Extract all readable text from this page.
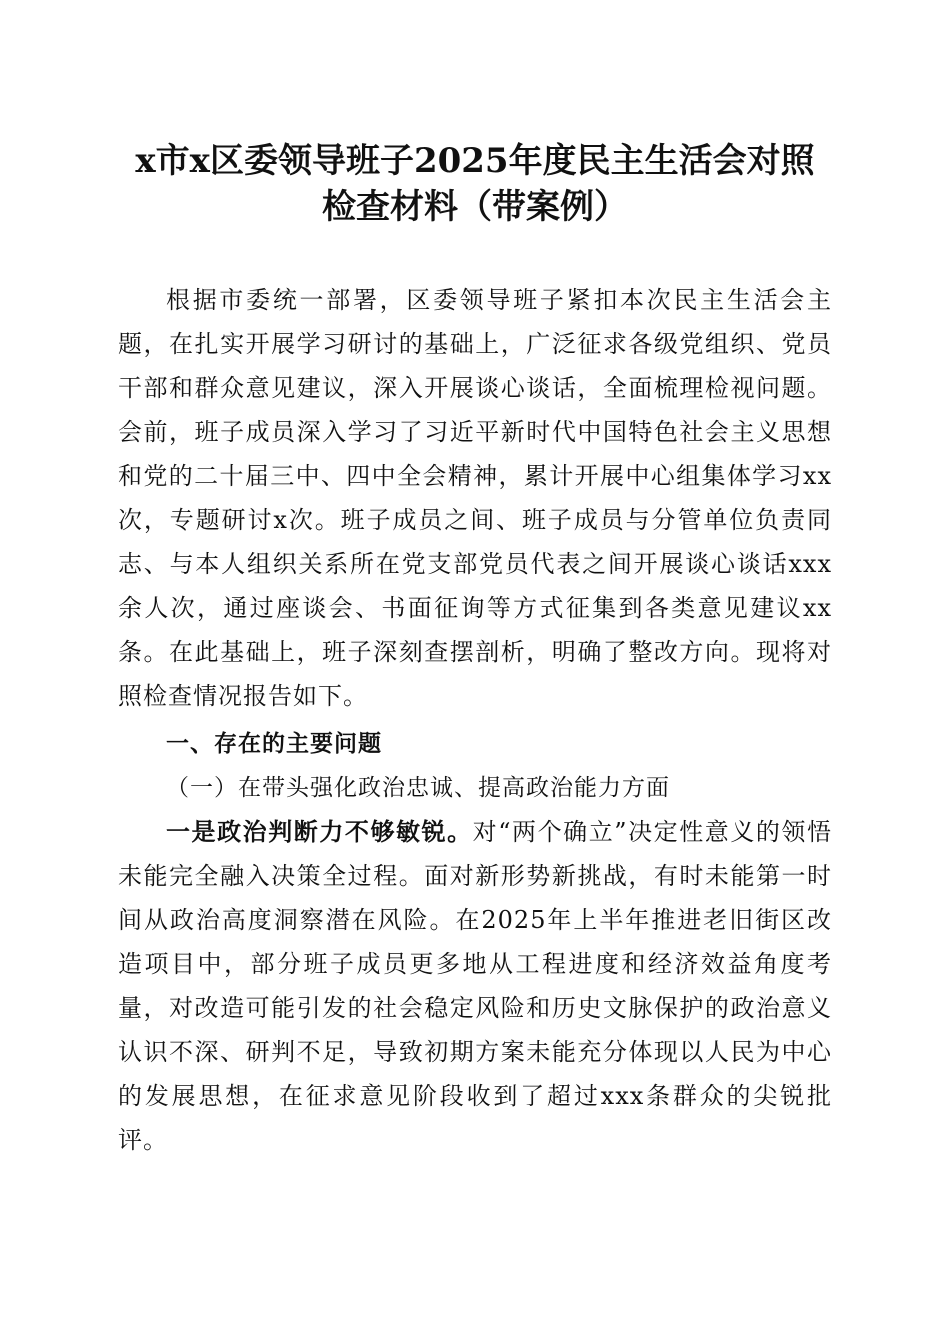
x市x区委领导班子2025年度民主生活会对照
检查材料（带案例）

根据市委统一部署，区委领导班子紧扣本次民主生活会主题，在扎实开展学习研讨的基础上，广泛征求各级党组织、党员干部和群众意见建议，深入开展谈心谈话，全面梳理检视问题。会前，班子成员深入学习了习近平新时代中国特色社会主义思想和党的二十届三中、四中全会精神，累计开展中心组集体学习xx次，专题研讨x次。班子成员之间、班子成员与分管单位负责同志、与本人组织关系所在党支部党员代表之间开展谈心谈话xxx余人次，通过座谈会、书面征询等方式征集到各类意见建议xx条。在此基础上，班子深刻查摆剖析，明确了整改方向。现将对照检查情况报告如下。

一、存在的主要问题

（一）在带头强化政治忠诚、提高政治能力方面

一是政治判断力不够敏锐。对“两个确立”决定性意义的领悟未能完全融入决策全过程。面对新形势新挑战，有时未能第一时间从政治高度洞察潜在风险。在2025年上半年推进老旧街区改造项目中，部分班子成员更多地从工程进度和经济效益角度考量，对改造可能引发的社会稳定风险和历史文脉保护的政治意义认识不深、研判不足，导致初期方案未能充分体现以人民为中心的发展思想，在征求意见阶段收到了超过xxx条群众的尖锐批评。
